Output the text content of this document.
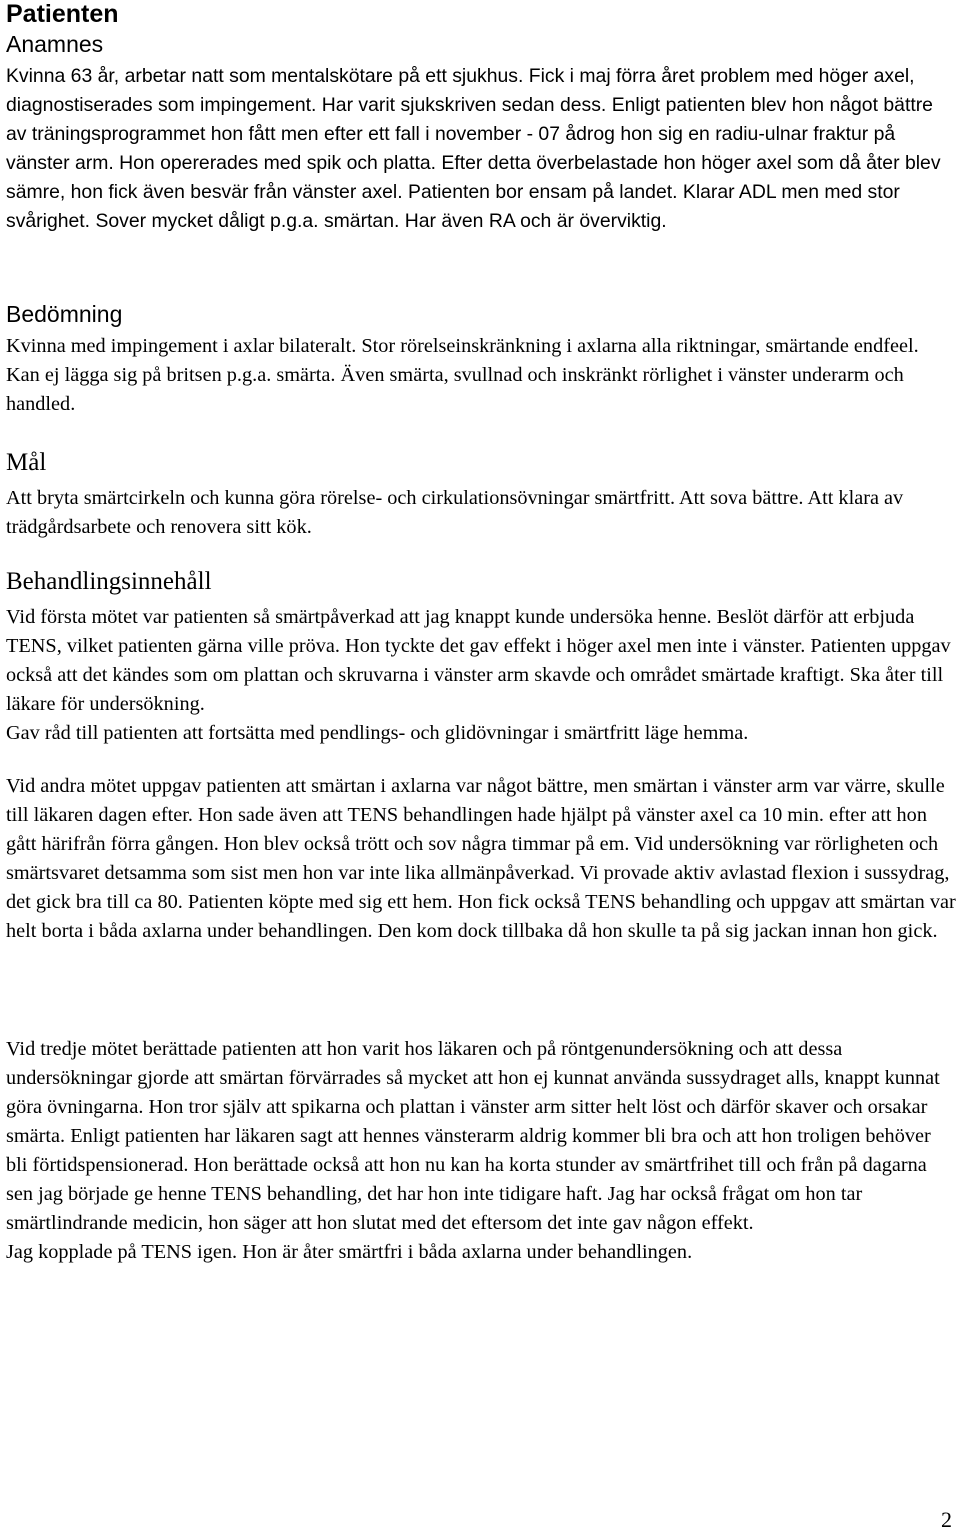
Patienten
Anamnes

Kvinna 63 år, arbetar natt som mentalskötare på ett sjukhus. Fick i maj förra året problem med höger axel, diagnostiserades som impingement. Har varit sjukskriven sedan dess. Enligt patienten blev hon något bättre av träningsprogrammet hon fått men efter ett fall i november - 07 ådrog hon sig en radiu-ulnar fraktur på vänster arm. Hon opererades med spik och platta. Efter detta överbelastade hon höger axel som då åter blev sämre, hon fick även besvär från vänster axel. Patienten bor ensam på landet. Klarar ADL men med stor svårighet. Sover mycket dåligt p.g.a. smärtan. Har även RA och är överviktig.

Bedömning

Kvinna med impingement i axlar bilateralt. Stor rörelseinskränkning i axlarna alla riktningar, smärtande endfeel. Kan ej lägga sig på britsen p.g.a. smärta. Även smärta, svullnad och inskränkt rörlighet i vänster underarm och handled.

Mål

Att bryta smärtcirkeln och kunna göra rörelse- och cirkulationsövningar smärtfritt. Att sova bättre. Att klara av trädgårdsarbete och renovera sitt kök.

Behandlingsinnehåll

Vid första mötet var patienten så smärtpåverkad att jag knappt kunde undersöka henne. Beslöt därför att erbjuda TENS, vilket patienten gärna ville pröva. Hon tyckte det gav effekt i höger axel men inte i vänster. Patienten uppgav också att det kändes som om plattan och skruvarna i vänster arm skavde och området smärtade kraftigt. Ska åter till läkare för undersökning.

Gav råd till patienten att fortsätta med pendlings- och glidövningar i smärtfritt läge hemma.

Vid andra mötet uppgav patienten att smärtan i axlarna var något bättre, men smärtan i vänster arm var värre, skulle till läkaren dagen efter. Hon sade även att TENS behandlingen hade hjälpt på vänster axel ca 10 min. efter att hon gått härifrån förra gången. Hon blev också trött och sov några timmar på em. Vid undersökning var rörligheten och smärtsvaret detsamma som sist men hon var inte lika allmänpåverkad. Vi provade aktiv avlastad flexion i sussydrag, det gick bra till ca 80. Patienten köpte med sig ett hem. Hon fick också TENS behandling och uppgav att smärtan var helt borta i båda axlarna under behandlingen. Den kom dock tillbaka då hon skulle ta på sig jackan innan hon gick.

Vid tredje mötet berättade patienten att hon varit hos läkaren och på röntgenundersökning och att dessa undersökningar gjorde att smärtan förvärrades så mycket att hon ej kunnat använda sussydraget alls, knappt kunnat göra övningarna. Hon tror själv att spikarna och plattan i vänster arm sitter helt löst och därför skaver och orsakar smärta. Enligt patienten har läkaren sagt att hennes vänsterarm aldrig kommer bli bra och att hon troligen behöver bli förtidspensionerad. Hon berättade också att hon nu kan ha korta stunder av smärtfrihet till och från på dagarna sen jag började ge henne TENS behandling, det har hon inte tidigare haft. Jag har också frågat om hon tar smärtlindrande medicin, hon säger att hon slutat med det eftersom det inte gav någon effekt.

Jag kopplade på TENS igen. Hon är åter smärtfri i båda axlarna under behandlingen.

2
